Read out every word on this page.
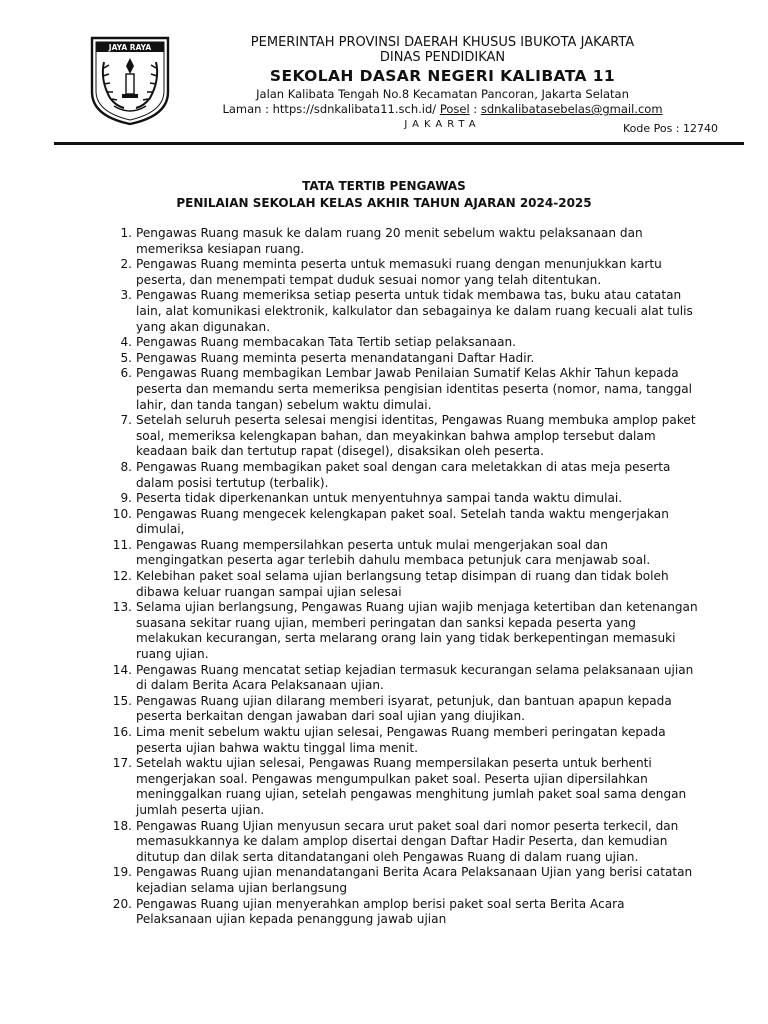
JAYA RAYA	PEMERINTAH PROVINSI DAERAH KHUSUS IBUKOTA JAKARTA
DINAS PENDIDIKAN
SEKOLAH DASAR NEGERI KALIBATA 11
Jalan Kalibata Tengah No.8 Kecamatan Pancoran, Jakarta Selatan
Laman : https://sdnkalibata11.sch.id/ Posel : sdnkalibatasebelas@gmail.com
JAKARTA	Kode Pos : 12740
TATA TERTIB PENGAWAS
PENILAIAN SEKOLAH KELAS AKHIR TAHUN AJARAN 2024-2025
1. Pengawas Ruang masuk ke dalam ruang 20 menit sebelum waktu pelaksanaan dan
memeriksa kesiapan ruang.
2. Pengawas Ruang meminta peserta untuk memasuki ruang dengan menunjukkan kartu
peserta, dan menempati tempat duduk sesuai nomor yang telah ditentukan.
3. Pengawas Ruang memeriksa setiap peserta untuk tidak membawa tas, buku atau catatan
lain, alat komunikasi elektronik, kalkulator dan sebagainya ke dalam ruang kecuali alat tulis
yang akan digunakan.
4. Pengawas Ruang membacakan Tata Tertib setiap pelaksanaan.
5. Pengawas Ruang meminta peserta menandatangani Daftar Hadir.
6. Pengawas Ruang membagikan Lembar Jawab Penilaian Sumatif Kelas Akhir Tahun kepada
peserta dan memandu serta memeriksa pengisian identitas peserta (nomor, nama, tanggal
lahir, dan tanda tangan) sebelum waktu dimulai.
7. Setelah seluruh peserta selesai mengisi identitas, Pengawas Ruang membuka amplop paket
soal, memeriksa kelengkapan bahan, dan meyakinkan bahwa amplop tersebut dalam
keadaan baik dan tertutup rapat (disegel), disaksikan oleh peserta.
8. Pengawas Ruang membagikan paket soal dengan cara meletakkan di atas meja peserta
dalam posisi tertutup (terbalik).
9. Peserta tidak diperkenankan untuk menyentuhnya sampai tanda waktu dimulai.
10. Pengawas Ruang mengecek kelengkapan paket soal. Setelah tanda waktu mengerjakan
dimulai,
11. Pengawas Ruang mempersilahkan peserta untuk mulai mengerjakan soal dan
mengingatkan peserta agar terlebih dahulu membaca petunjuk cara menjawab soal.
12. Kelebihan paket soal selama ujian berlangsung tetap disimpan di ruang dan tidak boleh
dibawa keluar ruangan sampai ujian selesai
13. Selama ujian berlangsung, Pengawas Ruang ujian wajib menjaga ketertiban dan ketenangan
suasana sekitar ruang ujian, memberi peringatan dan sanksi kepada peserta yang
melakukan kecurangan, serta melarang orang lain yang tidak berkepentingan memasuki
ruang ujian.
14. Pengawas Ruang mencatat setiap kejadian termasuk kecurangan selama pelaksanaan ujian
di dalam Berita Acara Pelaksanaan ujian.
15. Pengawas Ruang ujian dilarang memberi isyarat, petunjuk, dan bantuan apapun kepada
peserta berkaitan dengan jawaban dari soal ujian yang diujikan.
16. Lima menit sebelum waktu ujian selesai, Pengawas Ruang memberi peringatan kepada
peserta ujian bahwa waktu tinggal lima menit.
17. Setelah waktu ujian selesai, Pengawas Ruang mempersilakan peserta untuk berhenti
mengerjakan soal. Pengawas mengumpulkan paket soal. Peserta ujian dipersilahkan
meninggalkan ruang ujian, setelah pengawas menghitung jumlah paket soal sama dengan
jumlah peserta ujian.
18. Pengawas Ruang Ujian menyusun secara urut paket soal dari nomor peserta terkecil, dan
memasukkannya ke dalam amplop disertai dengan Daftar Hadir Peserta, dan kemudian
ditutup dan dilak serta ditandatangani oleh Pengawas Ruang di dalam ruang ujian.
19. Pengawas Ruang ujian menandatangani Berita Acara Pelaksanaan Ujian yang berisi catatan
kejadian selama ujian berlangsung
20. Pengawas Ruang ujian menyerahkan amplop berisi paket soal serta Berita Acara
Pelaksanaan ujian kepada penanggung jawab ujian
